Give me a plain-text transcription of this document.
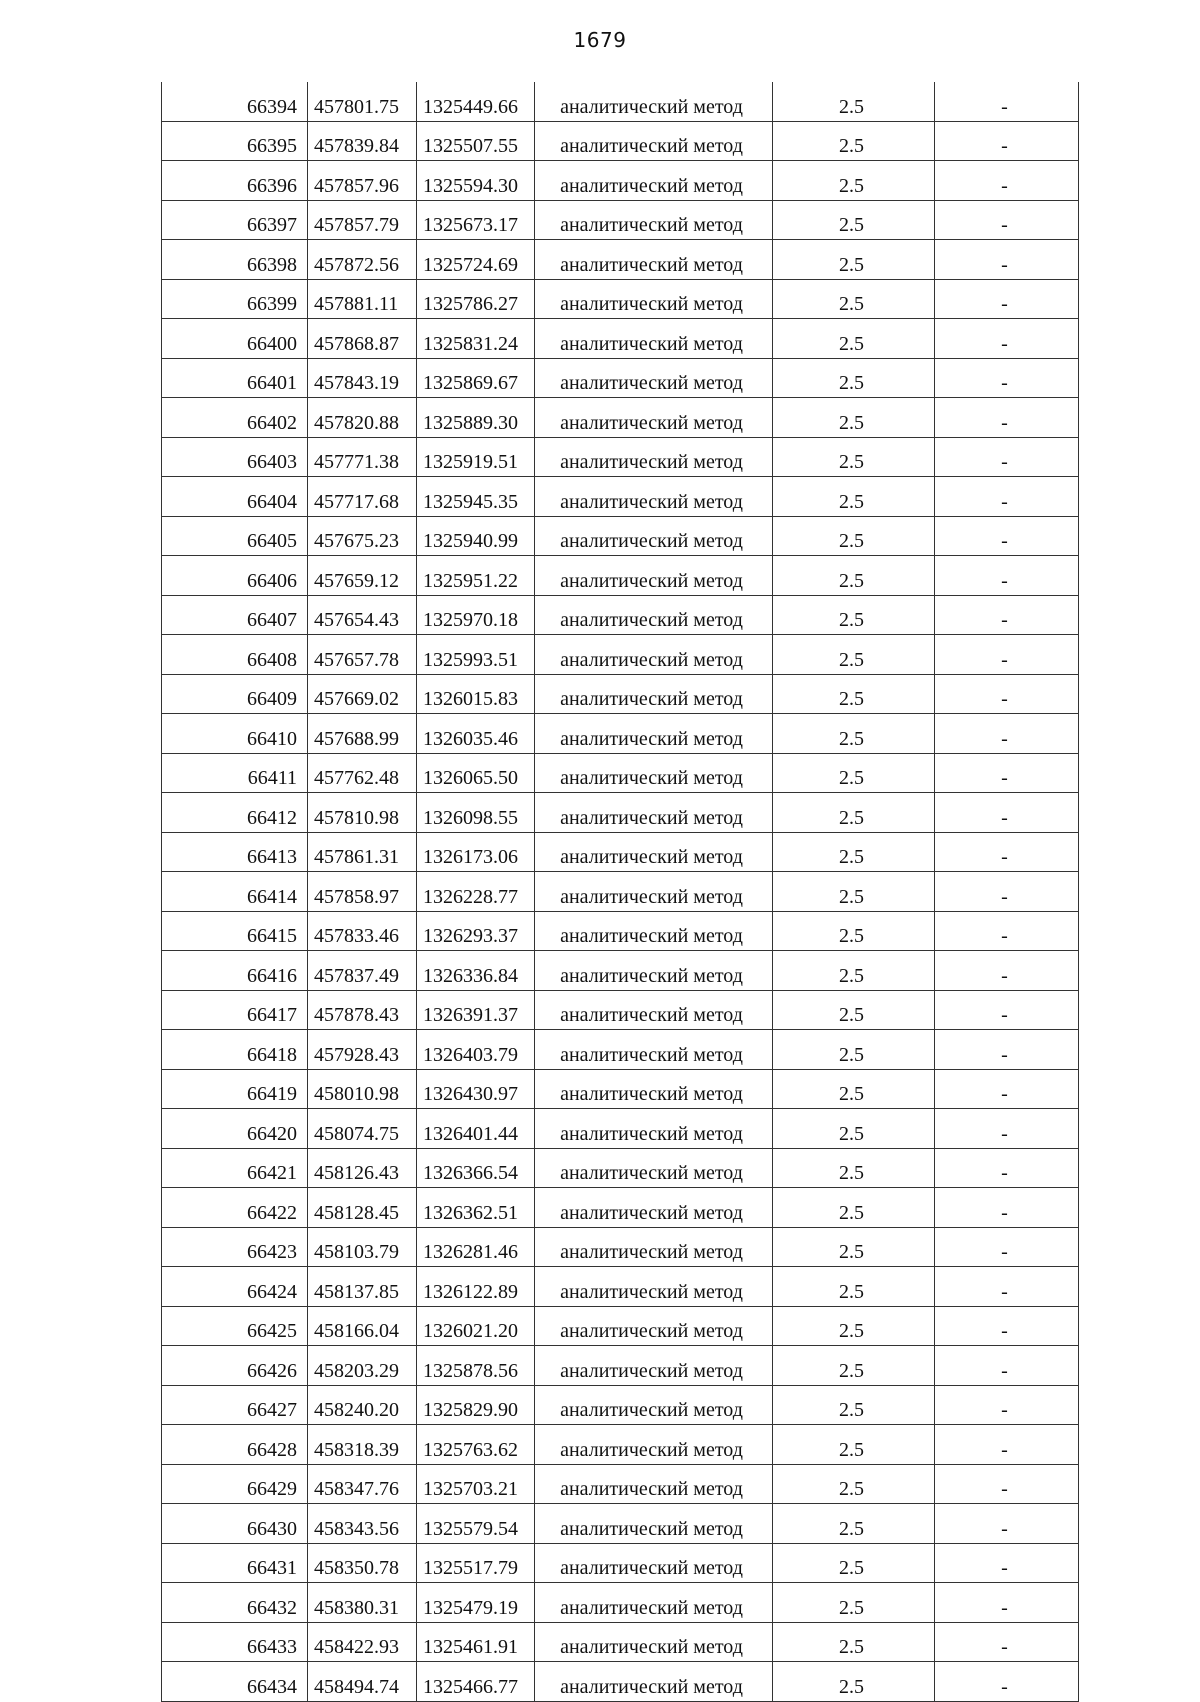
1679
66394	457801.75	1325449.66	аналитический метод	2.5	-
66395	457839.84	1325507.55	аналитический метод	2.5	-
66396	457857.96	1325594.30	аналитический метод	2.5	-
66397	457857.79	1325673.17	аналитический метод	2.5	-
66398	457872.56	1325724.69	аналитический метод	2.5	-
66399	457881.11	1325786.27	аналитический метод	2.5	-
66400	457868.87	1325831.24	аналитический метод	2.5	-
66401	457843.19	1325869.67	аналитический метод	2.5	-
66402	457820.88	1325889.30	аналитический метод	2.5	-
66403	457771.38	1325919.51	аналитический метод	2.5	-
66404	457717.68	1325945.35	аналитический метод	2.5	-
66405	457675.23	1325940.99	аналитический метод	2.5	-
66406	457659.12	1325951.22	аналитический метод	2.5	-
66407	457654.43	1325970.18	аналитический метод	2.5	-
66408	457657.78	1325993.51	аналитический метод	2.5	-
66409	457669.02	1326015.83	аналитический метод	2.5	-
66410	457688.99	1326035.46	аналитический метод	2.5	-
66411	457762.48	1326065.50	аналитический метод	2.5	-
66412	457810.98	1326098.55	аналитический метод	2.5	-
66413	457861.31	1326173.06	аналитический метод	2.5	-
66414	457858.97	1326228.77	аналитический метод	2.5	-
66415	457833.46	1326293.37	аналитический метод	2.5	-
66416	457837.49	1326336.84	аналитический метод	2.5	-
66417	457878.43	1326391.37	аналитический метод	2.5	-
66418	457928.43	1326403.79	аналитический метод	2.5	-
66419	458010.98	1326430.97	аналитический метод	2.5	-
66420	458074.75	1326401.44	аналитический метод	2.5	-
66421	458126.43	1326366.54	аналитический метод	2.5	-
66422	458128.45	1326362.51	аналитический метод	2.5	-
66423	458103.79	1326281.46	аналитический метод	2.5	-
66424	458137.85	1326122.89	аналитический метод	2.5	-
66425	458166.04	1326021.20	аналитический метод	2.5	-
66426	458203.29	1325878.56	аналитический метод	2.5	-
66427	458240.20	1325829.90	аналитический метод	2.5	-
66428	458318.39	1325763.62	аналитический метод	2.5	-
66429	458347.76	1325703.21	аналитический метод	2.5	-
66430	458343.56	1325579.54	аналитический метод	2.5	-
66431	458350.78	1325517.79	аналитический метод	2.5	-
66432	458380.31	1325479.19	аналитический метод	2.5	-
66433	458422.93	1325461.91	аналитический метод	2.5	-
66434	458494.74	1325466.77	аналитический метод	2.5	-
